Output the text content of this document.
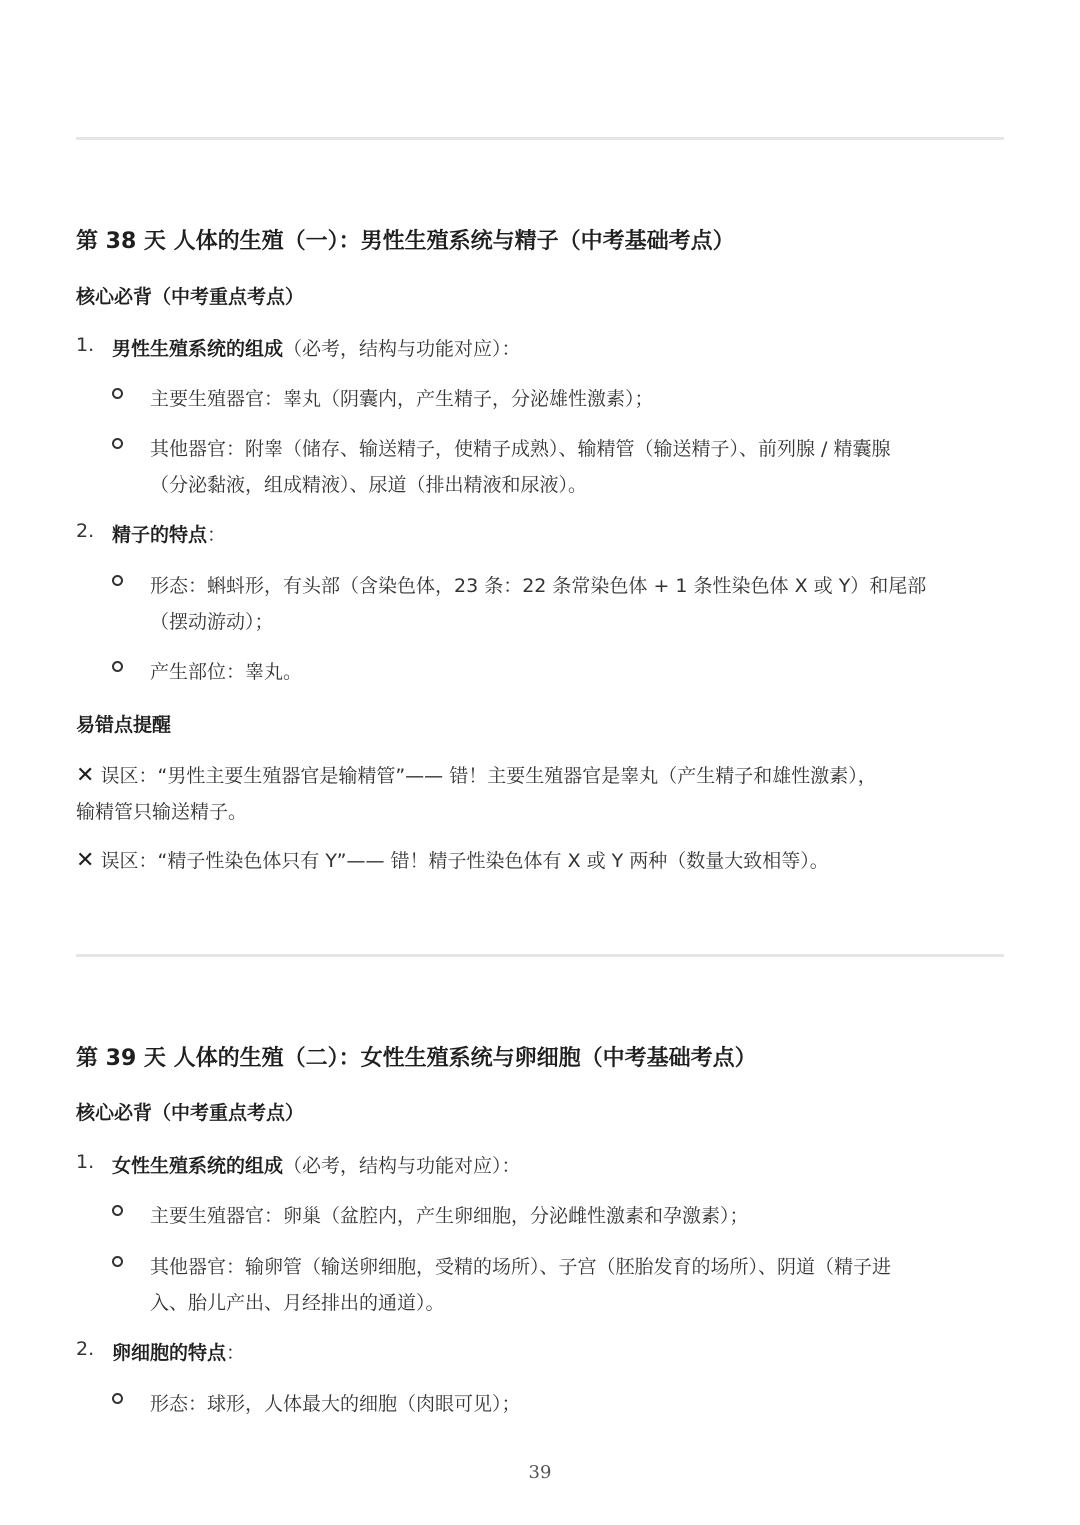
第 38 天 人体的生殖（一）：男性生殖系统与精子（中考基础考点）
核心必背（中考重点考点）
1. 男性生殖系统的组成（必考，结构与功能对应）：
主要生殖器官：睾丸（阴囊内，产生精子，分泌雄性激素）；
其他器官：附睾（储存、输送精子，使精子成熟）、输精管（输送精子）、前列腺 / 精囊腺
（分泌黏液，组成精液）、尿道（排出精液和尿液）。
2. 精子的特点：
形态：蝌蚪形，有头部（含染色体，23 条：22 条常染色体 + 1 条性染色体 X 或 Y）和尾部
（摆动游动）；
产生部位：睾丸。
易错点提醒
✕ 误区：“男性主要生殖器官是输精管”—— 错！主要生殖器官是睾丸（产生精子和雄性激素），
输精管只输送精子。
✕ 误区：“精子性染色体只有 Y”—— 错！精子性染色体有 X 或 Y 两种（数量大致相等）。
第 39 天 人体的生殖（二）：女性生殖系统与卵细胞（中考基础考点）
核心必背（中考重点考点）
1. 女性生殖系统的组成（必考，结构与功能对应）：
主要生殖器官：卵巢（盆腔内，产生卵细胞，分泌雌性激素和孕激素）；
其他器官：输卵管（输送卵细胞，受精的场所）、子宫（胚胎发育的场所）、阴道（精子进
入、胎儿产出、月经排出的通道）。
2. 卵细胞的特点：
形态：球形，人体最大的细胞（肉眼可见）；
39
